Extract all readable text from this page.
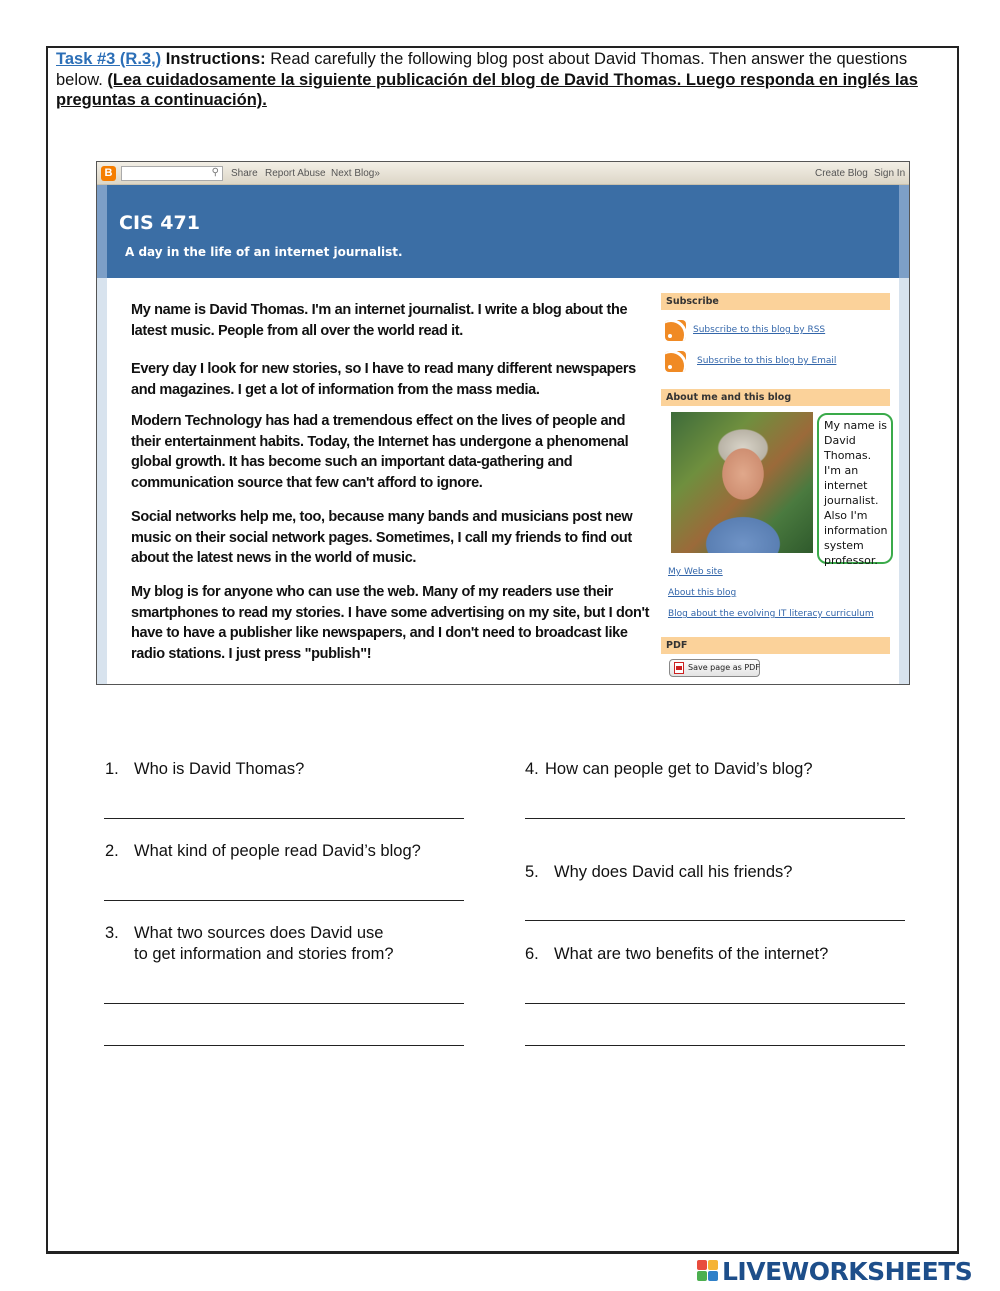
Task #3 (R.3,) Instructions: Read carefully the following blog post about David Thomas. Then answer the questions below. (Lea cuidadosamente la siguiente publicación del blog de David Thomas. Luego responda en inglés las preguntas a continuación).
B	⚲ Share Report Abuse Next Blog»	Create Blog Sign In
CIS 471
A day in the life of an internet journalist.

My name is David Thomas. I'm an internet journalist. I write a blog about the latest music. People from all over the world read it.

Every day I look for new stories, so I have to read many different newspapers and magazines. I get a lot of information from the mass media.

Modern Technology has had a tremendous effect on the lives of people and their entertainment habits. Today, the Internet has undergone a phenomenal global growth. It has become such an important data-gathering and communication source that few can't afford to ignore.

Social networks help me, too, because many bands and musicians post new music on their social network pages. Sometimes, I call my friends to find out about the latest news in the world of music.

My blog is for anyone who can use the web. Many of my readers use their smartphones to read my stories. I have some advertising on my site, but I don't have to have a publisher like newspapers, and I don't need to broadcast like radio stations. I just press "publish"!

Subscribe
Subscribe to this blog by RSS
Subscribe to this blog by Email
About me and this blog
My name is David Thomas. I'm an internet journalist. Also I'm information system professor.
My Web site
About this blog
Blog about the evolving IT literacy curriculum
PDF
Save page as PDF
1. Who is David Thomas?
2. What kind of people read David’s blog?
3. What two sources does David use
to get information and stories from?
4. How can people get to David’s blog?
5. Why does David call his friends?
6. What are two benefits of the internet?
LIVEWORKSHEETS
